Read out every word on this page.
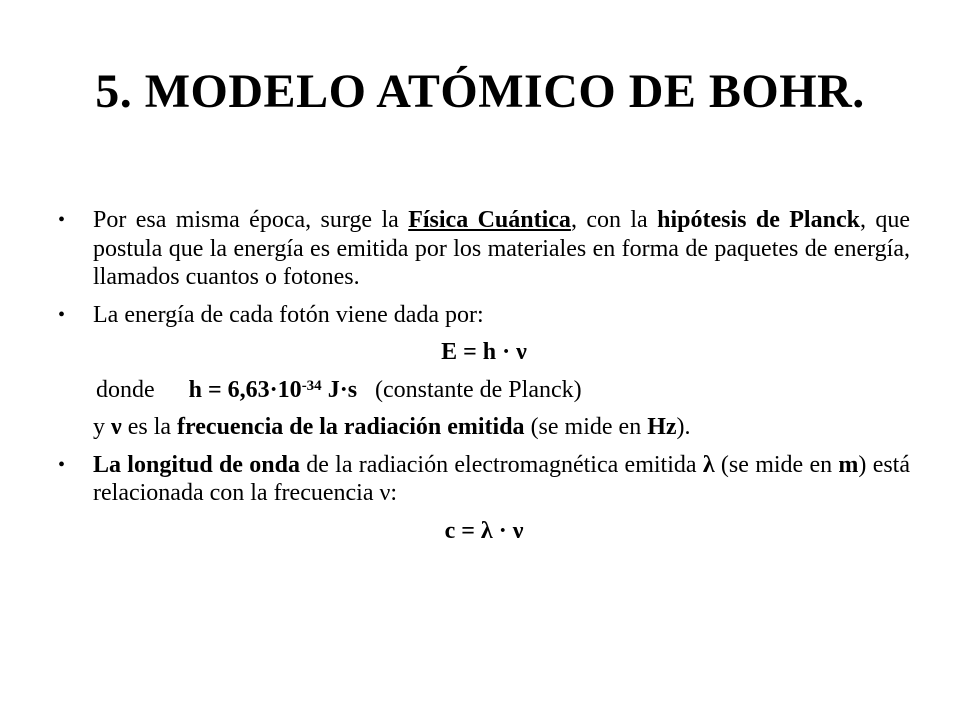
5. MODELO ATÓMICO DE BOHR.
• Por esa misma época, surge la Física Cuántica, con la hipótesis de Planck, que postula que la energía es emitida por los materiales en forma de paquetes de energía, llamados cuantos o fotones.
• La energía de cada fotón viene dada por:
E = h · ν
donde $h = 6,63\cdot 10^{-34}$ J·s (constante de Planck)
y ν es la frecuencia de la radiación emitida (se mide en Hz).
• La longitud de onda de la radiación electromagnética emitida λ (se mide en m) está relacionada con la frecuencia ν:
c = λ · ν
